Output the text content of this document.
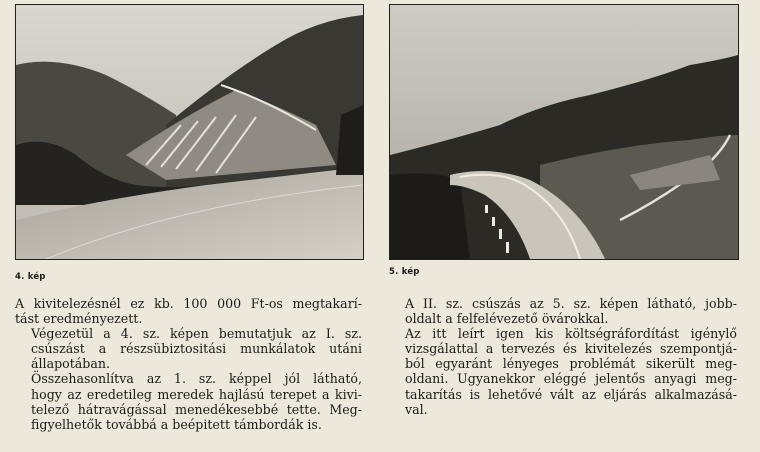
4. kép	5. kép

A kivitelezésnél ez kb. 100 000 Ft-os megtakarí-
tást eredményezett.

Végezetül a 4. sz. képen bemutatjuk az I. sz.
csúszást a részsübiztositási munkálatok utáni
állapotában.

Összehasonlítva az 1. sz. képpel jól látható,
hogy az eredetileg meredek hajlású terepet a kivi-
telező hátravágással menedékesebbé tette. Meg-
figyelhetők továbbá a beépitett támbordák is.

A II. sz. csúszás az 5. sz. képen látható, jobb-
oldalt a felfelévezető övárokkal.

Az itt leírt igen kis költségráfordítást igénylő
vizsgálattal a tervezés és kivitelezés szempontjá-
ból egyaránt lényeges problémát sikerült meg-
oldani. Ugyanekkor eléggé jelentős anyagi meg-
takarítás is lehetővé vált az eljárás alkalmazásá-
val.
